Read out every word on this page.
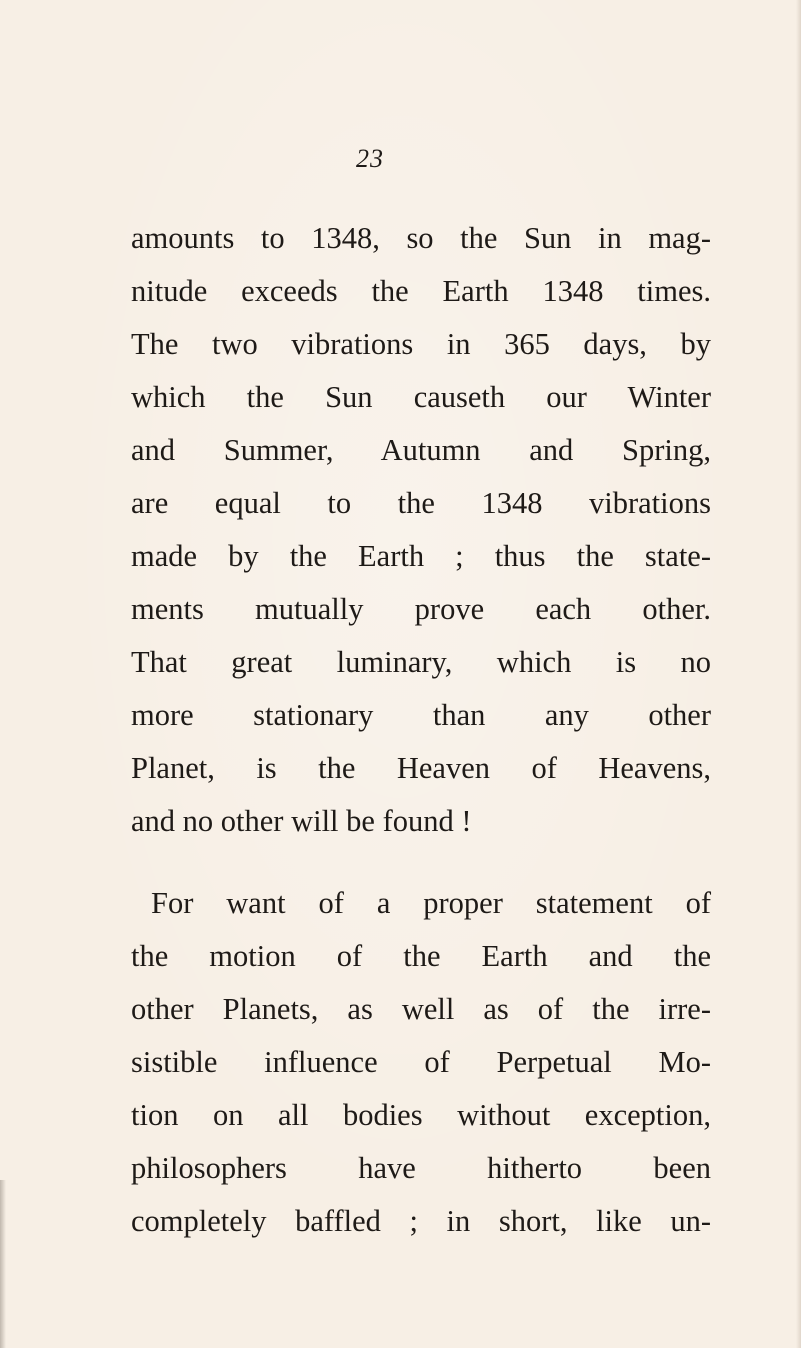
23
amounts to 1348, so the Sun in mag-
nitude exceeds the Earth 1348 times.
The two vibrations in 365 days, by
which the Sun causeth our Winter
and Summer, Autumn and Spring,
are equal to the 1348 vibrations
made by the Earth ; thus the state-
ments mutually prove each other.
That great luminary, which is no
more stationary than any other
Planet, is the Heaven of Heavens,
and no other will be found !
For want of a proper statement of
the motion of the Earth and the
other Planets, as well as of the irre-
sistible influence of Perpetual Mo-
tion on all bodies without exception,
philosophers have hitherto been
completely baffled ; in short, like un-
